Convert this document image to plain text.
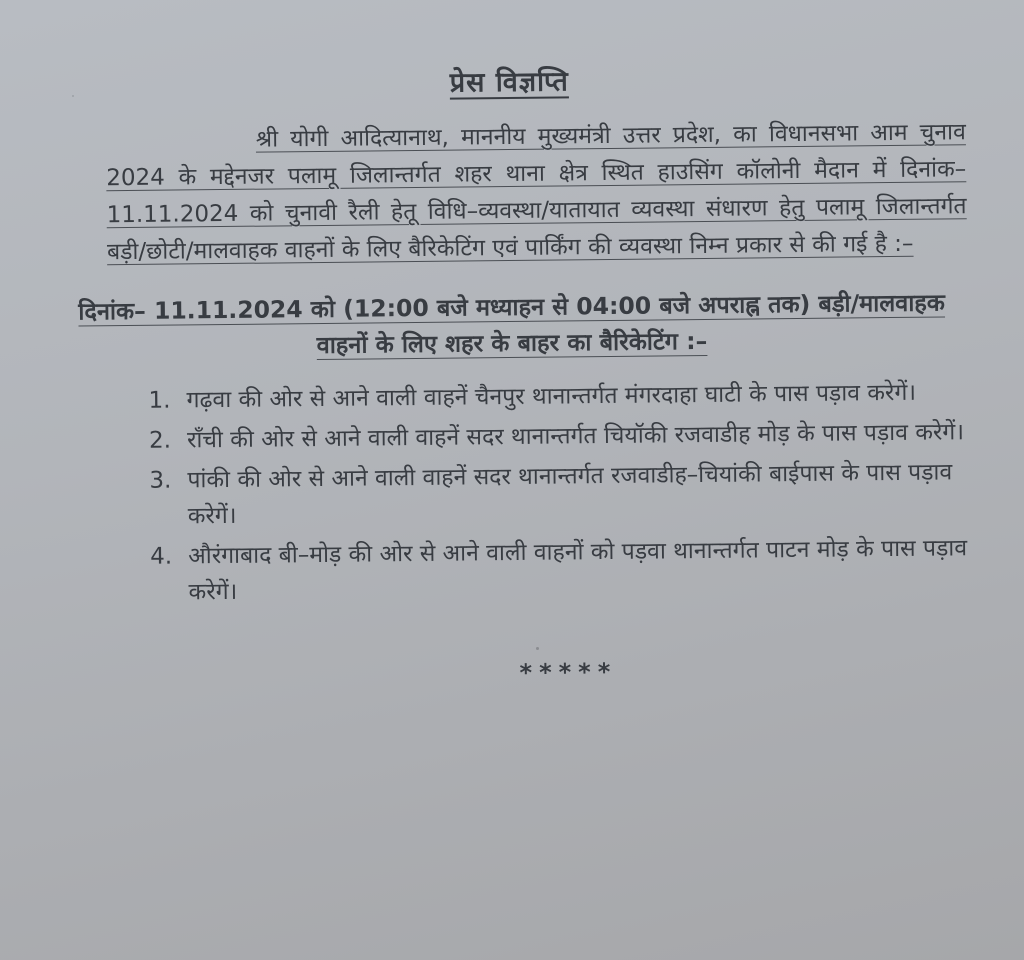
प्रेस विज्ञप्ति

श्री योगी आदित्यानाथ, माननीय मुख्यमंत्री उत्तर प्रदेश, का विधानसभा आम चुनाव 2024 के मद्देनजर पलामू जिलान्तर्गत शहर थाना क्षेत्र स्थित हाउसिंग कॉलोनी मैदान में दिनांक– 11.11.2024 को चुनावी रैली हेतू विधि–व्यवस्था/यातायात व्यवस्था संधारण हेतु पलामू जिलान्तर्गत बड़ी/छोटी/मालवाहक वाहनों के लिए बैरिकेटिंग एवं पार्किंग की व्यवस्था निम्न प्रकार से की गई है :–

दिनांक– 11.11.2024 को (12:00 बजे मध्याहन से 04:00 बजे अपराह्न तक) बड़ी/मालवाहक
वाहनों के लिए शहर के बाहर का बैरिकेटिंग :–
1. गढ़वा की ओर से आने वाली वाहनें चैनपुर थानान्तर्गत मंगरदाहा घाटी के पास पड़ाव करेगें।
2. राँची की ओर से आने वाली वाहनें सदर थानान्तर्गत चियॉकी रजवाडीह मोड़ के पास पड़ाव करेगें।
3. पांकी की ओर से आने वाली वाहनें सदर थानान्तर्गत रजवाडीह–चियांकी बाईपास के पास पड़ाव करेगें।
4. औरंगाबाद बी–मोड़ की ओर से आने वाली वाहनों को पड़वा थानान्तर्गत पाटन मोड़ के पास पड़ाव करेगें।
*****
